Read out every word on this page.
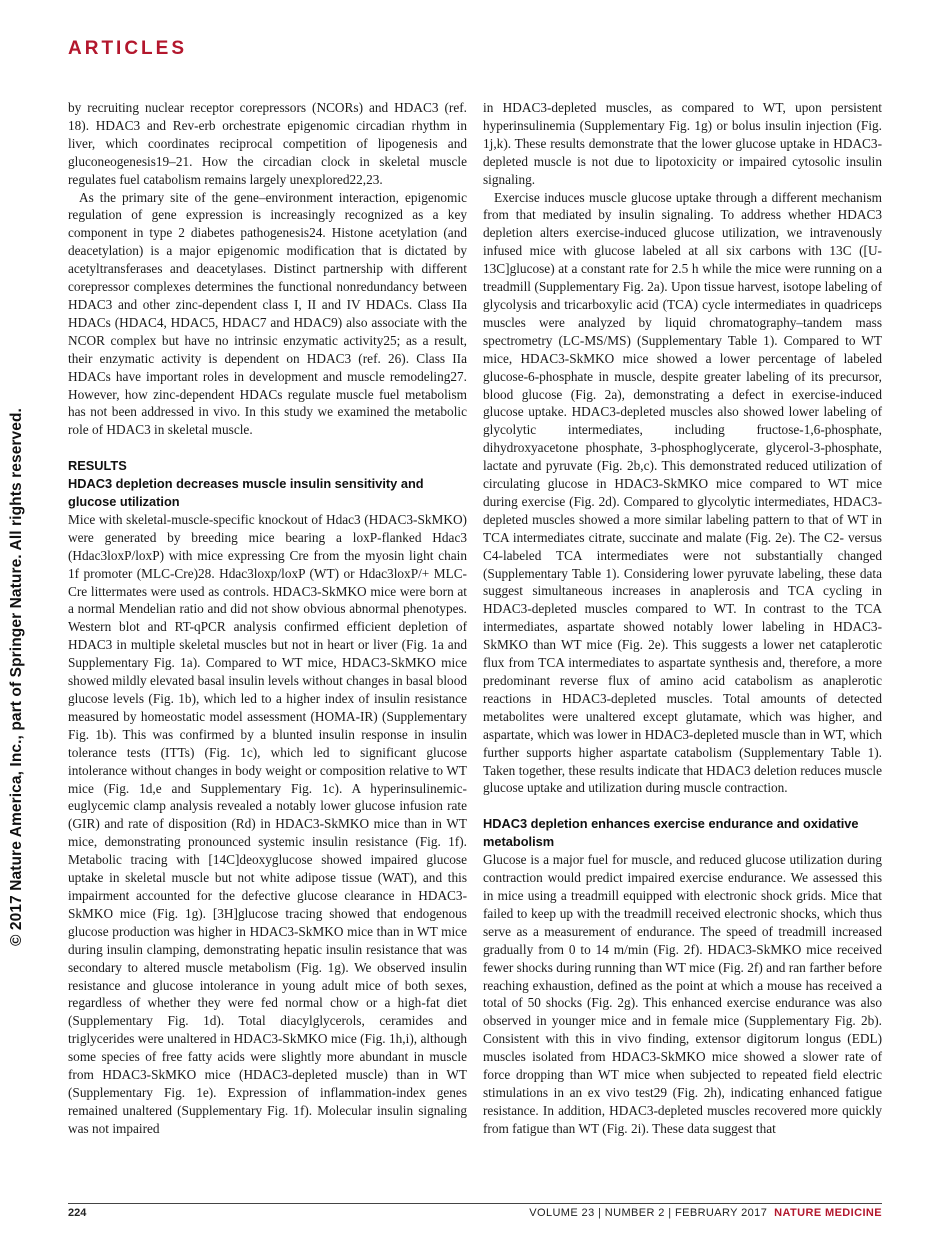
ARTICLES
© 2017 Nature America, Inc., part of Springer Nature. All rights reserved.

by recruiting nuclear receptor corepressors (NCORs) and HDAC3 (ref. 18). HDAC3 and Rev-erb orchestrate epigenomic circadian rhythm in liver, which coordinates reciprocal competition of lipogenesis and gluconeogenesis19–21. How the circadian clock in skeletal muscle regulates fuel catabolism remains largely unexplored22,23.

As the primary site of the gene–environment interaction, epigenomic regulation of gene expression is increasingly recognized as a key component in type 2 diabetes pathogenesis24. Histone acetylation (and deacetylation) is a major epigenomic modification that is dictated by acetyltransferases and deacetylases. Distinct partnership with different corepressor complexes determines the functional nonredundancy between HDAC3 and other zinc-dependent class I, II and IV HDACs. Class IIa HDACs (HDAC4, HDAC5, HDAC7 and HDAC9) also associate with the NCOR complex but have no intrinsic enzymatic activity25; as a result, their enzymatic activity is dependent on HDAC3 (ref. 26). Class IIa HDACs have important roles in development and muscle remodeling27. However, how zinc-dependent HDACs regulate muscle fuel metabolism has not been addressed in vivo. In this study we examined the metabolic role of HDAC3 in skeletal muscle.

RESULTS
HDAC3 depletion decreases muscle insulin sensitivity and glucose utilization

Mice with skeletal-muscle-specific knockout of Hdac3 (HDAC3-SkMKO) were generated by breeding mice bearing a loxP-flanked Hdac3 (Hdac3loxP/loxP) with mice expressing Cre from the myosin light chain 1f promoter (MLC-Cre)28. Hdac3loxp/loxP (WT) or Hdac3loxP/+ MLC-Cre littermates were used as controls. HDAC3-SkMKO mice were born at a normal Mendelian ratio and did not show obvious abnormal phenotypes. Western blot and RT-qPCR analysis confirmed efficient depletion of HDAC3 in multiple skeletal muscles but not in heart or liver (Fig. 1a and Supplementary Fig. 1a). Compared to WT mice, HDAC3-SkMKO mice showed mildly elevated basal insulin levels without changes in basal blood glucose levels (Fig. 1b), which led to a higher index of insulin resistance measured by homeostatic model assessment (HOMA-IR) (Supplementary Fig. 1b). This was confirmed by a blunted insulin response in insulin tolerance tests (ITTs) (Fig. 1c), which led to significant glucose intolerance without changes in body weight or composition relative to WT mice (Fig. 1d,e and Supplementary Fig. 1c). A hyperinsulinemic-euglycemic clamp analysis revealed a notably lower glucose infusion rate (GIR) and rate of disposition (Rd) in HDAC3-SkMKO mice than in WT mice, demonstrating pronounced systemic insulin resistance (Fig. 1f). Metabolic tracing with [14C]deoxyglucose showed impaired glucose uptake in skeletal muscle but not white adipose tissue (WAT), and this impairment accounted for the defective glucose clearance in HDAC3-SkMKO mice (Fig. 1g). [3H]glucose tracing showed that endogenous glucose production was higher in HDAC3-SkMKO mice than in WT mice during insulin clamping, demonstrating hepatic insulin resistance that was secondary to altered muscle metabolism (Fig. 1g). We observed insulin resistance and glucose intolerance in young adult mice of both sexes, regardless of whether they were fed normal chow or a high-fat diet (Supplementary Fig. 1d). Total diacylglycerols, ceramides and triglycerides were unaltered in HDAC3-SkMKO mice (Fig. 1h,i), although some species of free fatty acids were slightly more abundant in muscle from HDAC3-SkMKO mice (HDAC3-depleted muscle) than in WT (Supplementary Fig. 1e). Expression of inflammation-index genes remained unaltered (Supplementary Fig. 1f). Molecular insulin signaling was not impaired

in HDAC3-depleted muscles, as compared to WT, upon persistent hyperinsulinemia (Supplementary Fig. 1g) or bolus insulin injection (Fig. 1j,k). These results demonstrate that the lower glucose uptake in HDAC3-depleted muscle is not due to lipotoxicity or impaired cytosolic insulin signaling.

Exercise induces muscle glucose uptake through a different mechanism from that mediated by insulin signaling. To address whether HDAC3 depletion alters exercise-induced glucose utilization, we intravenously infused mice with glucose labeled at all six carbons with 13C ([U-13C]glucose) at a constant rate for 2.5 h while the mice were running on a treadmill (Supplementary Fig. 2a). Upon tissue harvest, isotope labeling of glycolysis and tricarboxylic acid (TCA) cycle intermediates in quadriceps muscles were analyzed by liquid chromatography–tandem mass spectrometry (LC-MS/MS) (Supplementary Table 1). Compared to WT mice, HDAC3-SkMKO mice showed a lower percentage of labeled glucose-6-phosphate in muscle, despite greater labeling of its precursor, blood glucose (Fig. 2a), demonstrating a defect in exercise-induced glucose uptake. HDAC3-depleted muscles also showed lower labeling of glycolytic intermediates, including fructose-1,6-phosphate, dihydroxyacetone phosphate, 3-phosphoglycerate, glycerol-3-phosphate, lactate and pyruvate (Fig. 2b,c). This demonstrated reduced utilization of circulating glucose in HDAC3-SkMKO mice compared to WT mice during exercise (Fig. 2d). Compared to glycolytic intermediates, HDAC3-depleted muscles showed a more similar labeling pattern to that of WT in TCA intermediates citrate, succinate and malate (Fig. 2e). The C2- versus C4-labeled TCA intermediates were not substantially changed (Supplementary Table 1). Considering lower pyruvate labeling, these data suggest simultaneous increases in anaplerosis and TCA cycling in HDAC3-depleted muscles compared to WT. In contrast to the TCA intermediates, aspartate showed notably lower labeling in HDAC3-SkMKO than WT mice (Fig. 2e). This suggests a lower net cataplerotic flux from TCA intermediates to aspartate synthesis and, therefore, a more predominant reverse flux of amino acid catabolism as anaplerotic reactions in HDAC3-depleted muscles. Total amounts of detected metabolites were unaltered except glutamate, which was higher, and aspartate, which was lower in HDAC3-depleted muscle than in WT, which further supports higher aspartate catabolism (Supplementary Table 1). Taken together, these results indicate that HDAC3 deletion reduces muscle glucose uptake and utilization during muscle contraction.

HDAC3 depletion enhances exercise endurance and oxidative metabolism

Glucose is a major fuel for muscle, and reduced glucose utilization during contraction would predict impaired exercise endurance. We assessed this in mice using a treadmill equipped with electronic shock grids. Mice that failed to keep up with the treadmill received electronic shocks, which thus serve as a measurement of endurance. The speed of treadmill increased gradually from 0 to 14 m/min (Fig. 2f). HDAC3-SkMKO mice received fewer shocks during running than WT mice (Fig. 2f) and ran farther before reaching exhaustion, defined as the point at which a mouse has received a total of 50 shocks (Fig. 2g). This enhanced exercise endurance was also observed in younger mice and in female mice (Supplementary Fig. 2b). Consistent with this in vivo finding, extensor digitorum longus (EDL) muscles isolated from HDAC3-SkMKO mice showed a slower rate of force dropping than WT mice when subjected to repeated field electric stimulations in an ex vivo test29 (Fig. 2h), indicating enhanced fatigue resistance. In addition, HDAC3-depleted muscles recovered more quickly from fatigue than WT (Fig. 2i). These data suggest that

224	VOLUME 23 | NUMBER 2 | FEBRUARY 2017 NATURE MEDICINE
